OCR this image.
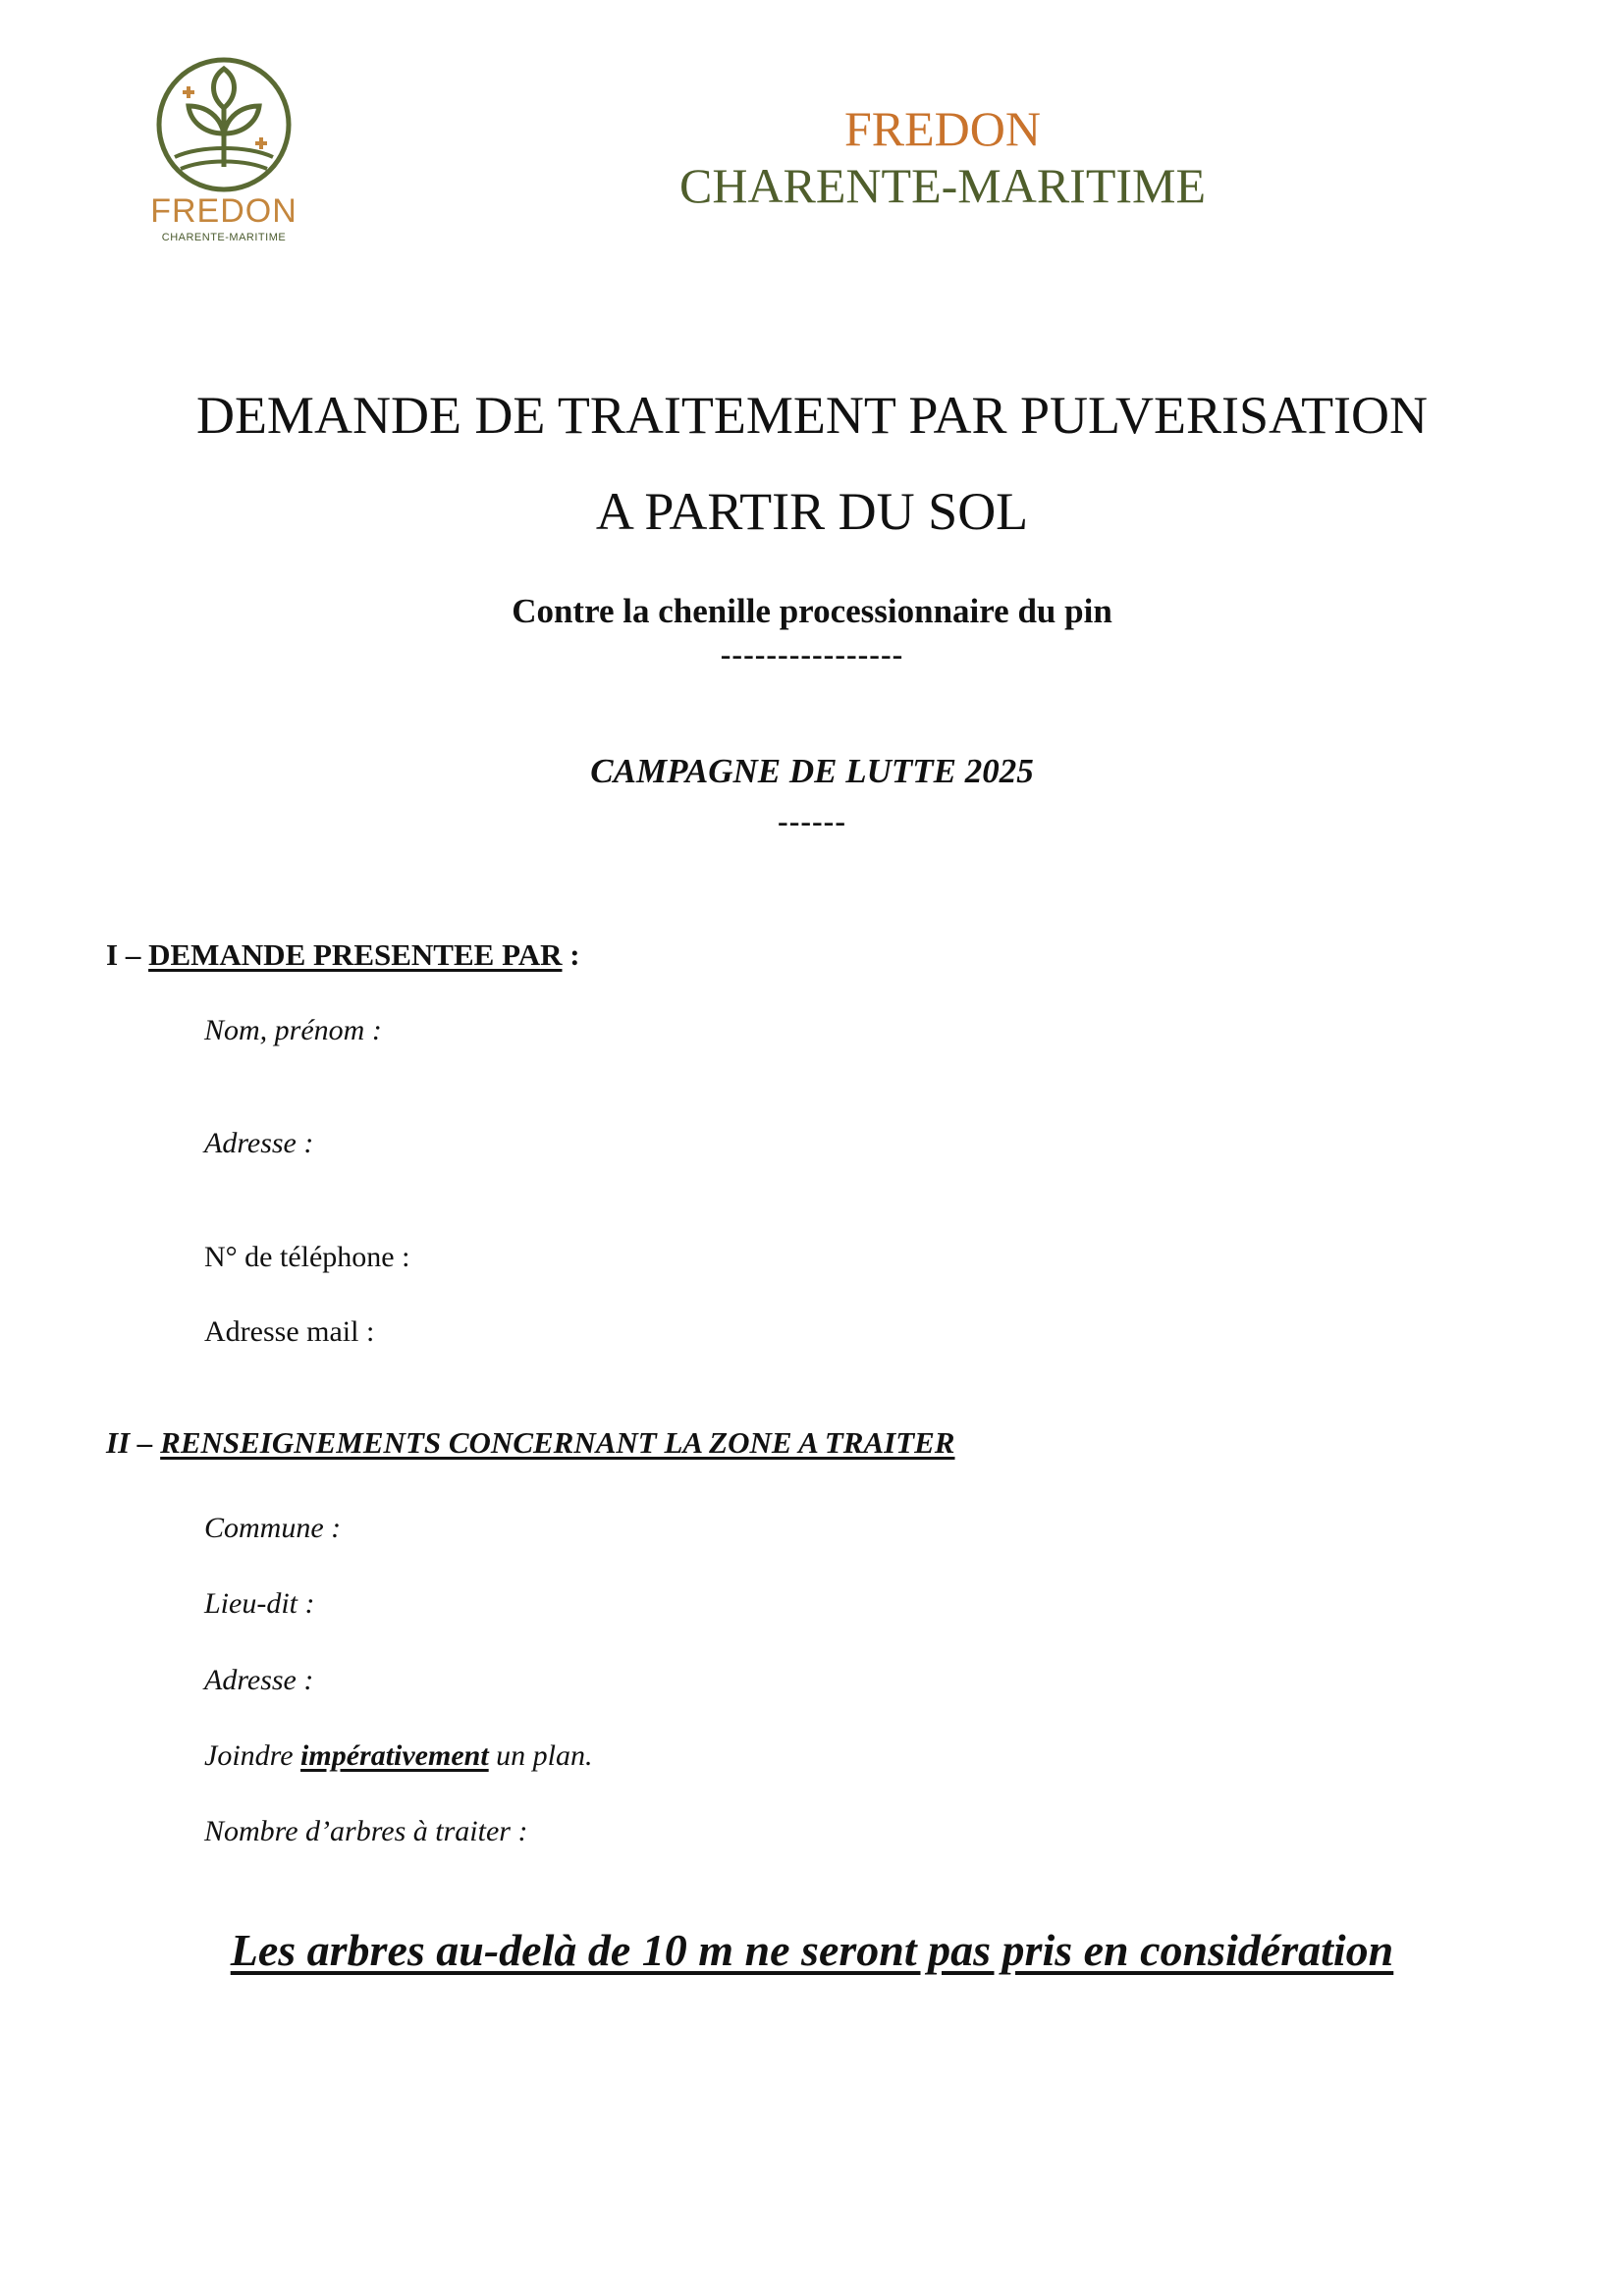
FREDON
CHARENTE-MARITIME
FREDON
CHARENTE-MARITIME
DEMANDE DE TRAITEMENT PAR PULVERISATION
A PARTIR DU SOL
Contre la chenille processionnaire du pin
----------------
CAMPAGNE DE LUTTE 2025
------
I – DEMANDE PRESENTEE PAR :
Nom, prénom :
Adresse :
N° de téléphone :
Adresse mail :
II – RENSEIGNEMENTS CONCERNANT LA ZONE A TRAITER
Commune :
Lieu-dit :
Adresse :
Joindre impérativement un plan.
Nombre d’arbres à traiter :
Les arbres au-delà de 10 m ne seront pas pris en considération
